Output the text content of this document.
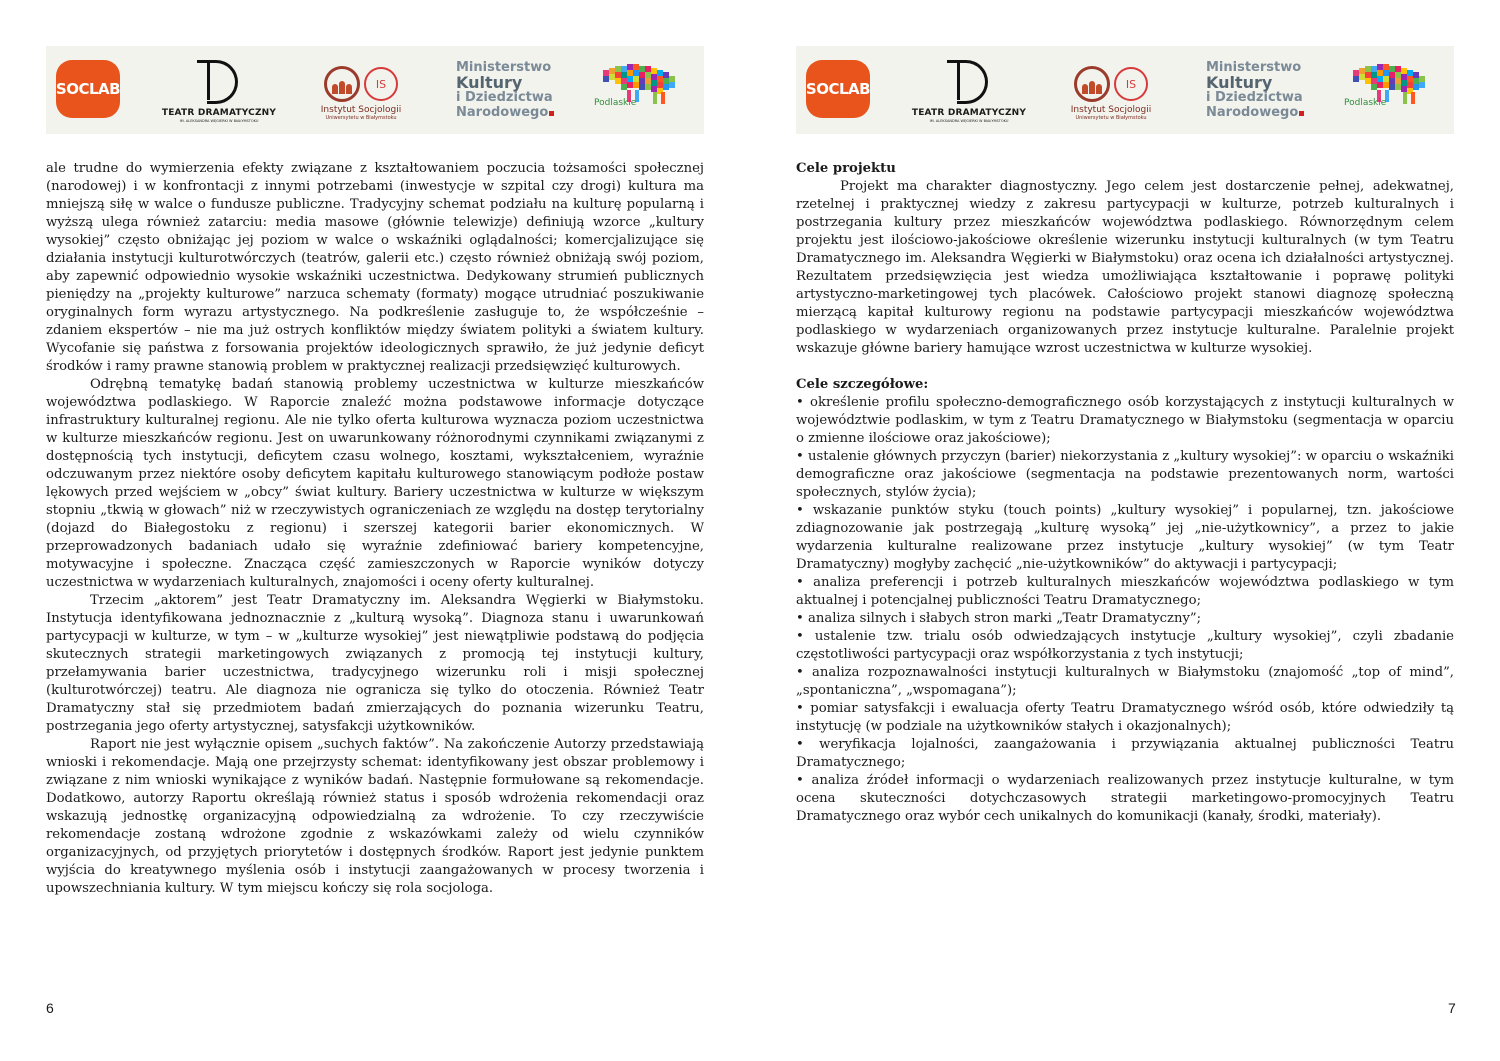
SOCLAB
TEATR DRAMATYCZNY
IM. ALEKSANDRA WĘGIERKI W BIAŁYMSTOKU
IS
Instytut Socjologii
Uniwersytetu w Białymstoku
Ministerstwo
Kultury
i Dziedzictwa
Narodowego
Podlaskie

ale trudne do wymierzenia efekty związane z kształtowaniem poczucia tożsamości społecznej (narodowej) i w konfrontacji z innymi potrzebami (inwestycje w szpital czy drogi) kultura ma mniejszą siłę w walce o fundusze publiczne. Tradycyjny schemat podziału na kulturę popularną i wyższą ulega również zatarciu: media masowe (głównie telewizje) definiują wzorce „kultury wysokiej” często obniżając jej poziom w walce o wskaźniki oglądalności; komercjalizujące się działania instytucji kulturotwórczych (teatrów, galerii etc.) często również obniżają swój poziom, aby zapewnić odpowiednio wysokie wskaźniki uczestnictwa. Dedykowany strumień publicznych pieniędzy na „projekty kulturowe” narzuca schematy (formaty) mogące utrudniać poszukiwanie oryginalnych form wyrazu artystycznego. Na podkreślenie zasługuje to, że współcześnie – zdaniem ekspertów – nie ma już ostrych konfliktów między światem polityki a światem kultury. Wycofanie się państwa z forsowania projektów ideologicznych sprawiło, że już jedynie deficyt środków i ramy prawne stanowią problem w praktycznej realizacji przedsięwzięć kulturowych.

Odrębną tematykę badań stanowią problemy uczestnictwa w kulturze mieszkańców województwa podlaskiego. W Raporcie znaleźć można podstawowe informacje dotyczące infrastruktury kulturalnej regionu. Ale nie tylko oferta kulturowa wyznacza poziom uczestnictwa w kulturze mieszkańców regionu. Jest on uwarunkowany różnorodnymi czynnikami związanymi z dostępnością tych instytucji, deficytem czasu wolnego, kosztami, wykształceniem, wyraźnie odczuwanym przez niektóre osoby deficytem kapitału kulturowego stanowiącym podłoże postaw lękowych przed wejściem w „obcy” świat kultury. Bariery uczestnictwa w kulturze w większym stopniu „tkwią w głowach” niż w rzeczywistych ograniczeniach ze względu na dostęp terytorialny (dojazd do Białegostoku z regionu) i szerszej kategorii barier ekonomicznych. W przeprowadzonych badaniach udało się wyraźnie zdefiniować bariery kompetencyjne, motywacyjne i społeczne. Znacząca część zamieszczonych w Raporcie wyników dotyczy uczestnictwa w wydarzeniach kulturalnych, znajomości i oceny oferty kulturalnej.

Trzecim „aktorem” jest Teatr Dramatyczny im. Aleksandra Węgierki w Białymstoku. Instytucja identyfikowana jednoznacznie z „kulturą wysoką”. Diagnoza stanu i uwarunkowań partycypacji w kulturze, w tym – w „kulturze wysokiej” jest niewątpliwie podstawą do podjęcia skutecznych strategii marketingowych związanych z promocją tej instytucji kultury, przełamywania barier uczestnictwa, tradycyjnego wizerunku roli i misji społecznej (kulturotwórczej) teatru. Ale diagnoza nie ogranicza się tylko do otoczenia. Również Teatr Dramatyczny stał się przedmiotem badań zmierzających do poznania wizerunku Teatru, postrzegania jego oferty artystycznej, satysfakcji użytkowników.

Raport nie jest wyłącznie opisem „suchych faktów”. Na zakończenie Autorzy przedstawiają wnioski i rekomendacje. Mają one przejrzysty schemat: identyfikowany jest obszar problemowy i związane z nim wnioski wynikające z wyników badań. Następnie formułowane są rekomendacje. Dodatkowo, autorzy Raportu określają również status i sposób wdrożenia rekomendacji oraz wskazują jednostkę organizacyjną odpowiedzialną za wdrożenie. To czy rzeczywiście rekomendacje zostaną wdrożone zgodnie z wskazówkami zależy od wielu czynników organizacyjnych, od przyjętych priorytetów i dostępnych środków. Raport jest jedynie punktem wyjścia do kreatywnego myślenia osób i instytucji zaangażowanych w procesy tworzenia i upowszechniania kultury. W tym miejscu kończy się rola socjologa.

6
SOCLAB
TEATR DRAMATYCZNY
IM. ALEKSANDRA WĘGIERKI W BIAŁYMSTOKU
IS
Instytut Socjologii
Uniwersytetu w Białymstoku
Ministerstwo
Kultury
i Dziedzictwa
Narodowego
Podlaskie

Cele projektu

Projekt ma charakter diagnostyczny. Jego celem jest dostarczenie pełnej, adekwatnej, rzetelnej i praktycznej wiedzy z zakresu partycypacji w kulturze, potrzeb kulturalnych i postrzegania kultury przez mieszkańców województwa podlaskiego. Równorzędnym celem projektu jest ilościowo-jakościowe określenie wizerunku instytucji kulturalnych (w tym Teatru Dramatycznego im. Aleksandra Węgierki w Białymstoku) oraz ocena ich działalności artystycznej. Rezultatem przedsięwzięcia jest wiedza umożliwiająca kształtowanie i poprawę polityki artystyczno-marketingowej tych placówek. Całościowo projekt stanowi diagnozę społeczną mierzącą kapitał kulturowy regionu na podstawie partycypacji mieszkańców województwa podlaskiego w wydarzeniach organizowanych przez instytucje kulturalne. Paralelnie projekt wskazuje główne bariery hamujące wzrost uczestnictwa w kulturze wysokiej.

Cele szczegółowe:

• określenie profilu społeczno-demograficznego osób korzystających z instytucji kulturalnych w województwie podlaskim, w tym z Teatru Dramatycznego w Białymstoku (segmentacja w oparciu o zmienne ilościowe oraz jakościowe);

• ustalenie głównych przyczyn (barier) niekorzystania z „kultury wysokiej”: w oparciu o wskaźniki demograficzne oraz jakościowe (segmentacja na podstawie prezentowanych norm, wartości społecznych, stylów życia);

• wskazanie punktów styku (touch points) „kultury wysokiej” i popularnej, tzn. jakościowe zdiagnozowanie jak postrzegają „kulturę wysoką” jej „nie-użytkownicy”, a przez to jakie wydarzenia kulturalne realizowane przez instytucje „kultury wysokiej” (w tym Teatr Dramatyczny) mogłyby zachęcić „nie-użytkowników” do aktywacji i partycypacji;

• analiza preferencji i potrzeb kulturalnych mieszkańców województwa podlaskiego w tym aktualnej i potencjalnej publiczności Teatru Dramatycznego;

• analiza silnych i słabych stron marki „Teatr Dramatyczny”;

• ustalenie tzw. trialu osób odwiedzających instytucje „kultury wysokiej”, czyli zbadanie częstotliwości partycypacji oraz współkorzystania z tych instytucji;

• analiza rozpoznawalności instytucji kulturalnych w Białymstoku (znajomość „top of mind”, „spontaniczna”, „wspomagana”);

• pomiar satysfakcji i ewaluacja oferty Teatru Dramatycznego wśród osób, które odwiedziły tą instytucję (w podziale na użytkowników stałych i okazjonalnych);

• weryfikacja lojalności, zaangażowania i przywiązania aktualnej publiczności Teatru Dramatycznego;

• analiza źródeł informacji o wydarzeniach realizowanych przez instytucje kulturalne, w tym ocena skuteczności dotychczasowych strategii marketingowo-promocyjnych Teatru Dramatycznego oraz wybór cech unikalnych do komunikacji (kanały, środki, materiały).

7
